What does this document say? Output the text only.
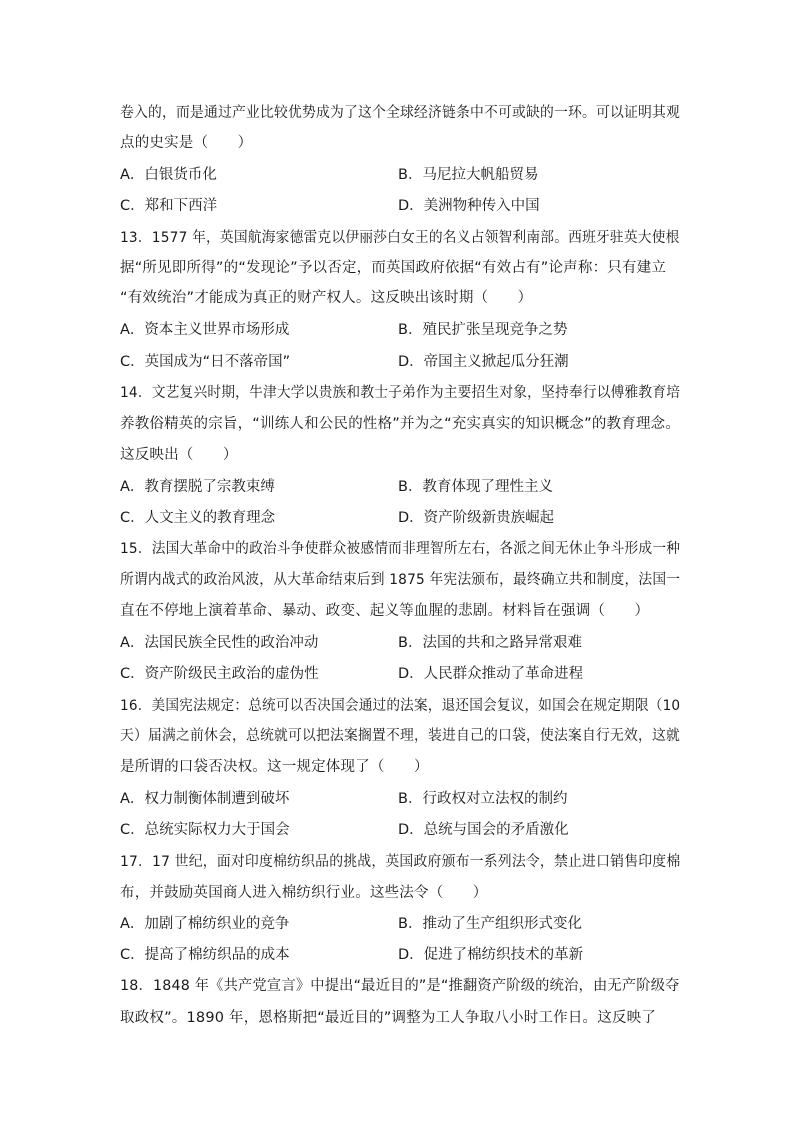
卷入的，而是通过产业比较优势成为了这个全球经济链条中不可或缺的一环。可以证明其观
点的史实是（　　）
A．白银货币化	B．马尼拉大帆船贸易
C．郑和下西洋	D．美洲物种传入中国
13．1577 年，英国航海家德雷克以伊丽莎白女王的名义占领智利南部。西班牙驻英大使根
据“所见即所得”的“发现论”予以否定，而英国政府依据“有效占有”论声称：只有建立
“有效统治”才能成为真正的财产权人。这反映出该时期（　　）
A．资本主义世界市场形成	B．殖民扩张呈现竞争之势
C．英国成为“日不落帝国”	D．帝国主义掀起瓜分狂潮
14．文艺复兴时期，牛津大学以贵族和教士子弟作为主要招生对象，坚持奉行以傅雅教育培
养教俗精英的宗旨，“训练人和公民的性格”并为之“充实真实的知识概念”的教育理念。
这反映出（　　）
A．教育摆脱了宗教束缚	B．教育体现了理性主义
C．人文主义的教育理念	D．资产阶级新贵族崛起
15．法国大革命中的政治斗争使群众被感情而非理智所左右，各派之间无休止争斗形成一种
所谓内战式的政治风波，从大革命结束后到 1875 年宪法颁布，最终确立共和制度，法国一
直在不停地上演着革命、暴动、政变、起义等血腥的悲剧。材料旨在强调（　　）
A．法国民族全民性的政治冲动	B．法国的共和之路异常艰难
C．资产阶级民主政治的虚伪性	D．人民群众推动了革命进程
16．美国宪法规定：总统可以否决国会通过的法案，退还国会复议，如国会在规定期限（10
天）届满之前休会，总统就可以把法案搁置不理，装进自己的口袋，使法案自行无效，这就
是所谓的口袋否决权。这一规定体现了（　　）
A．权力制衡体制遭到破坏	B．行政权对立法权的制约
C．总统实际权力大于国会	D．总统与国会的矛盾激化
17．17 世纪，面对印度棉纺织品的挑战，英国政府颁布一系列法令，禁止进口销售印度棉
布，并鼓励英国商人进入棉纺织行业。这些法令（　　）
A．加剧了棉纺织业的竞争	B．推动了生产组织形式变化
C．提高了棉纺织品的成本	D．促进了棉纺织技术的革新
18．1848 年《共产党宣言》中提出“最近目的”是“推翻资产阶级的统治，由无产阶级夺
取政权”。1890 年，恩格斯把“最近目的”调整为工人争取八小时工作日。这反映了
